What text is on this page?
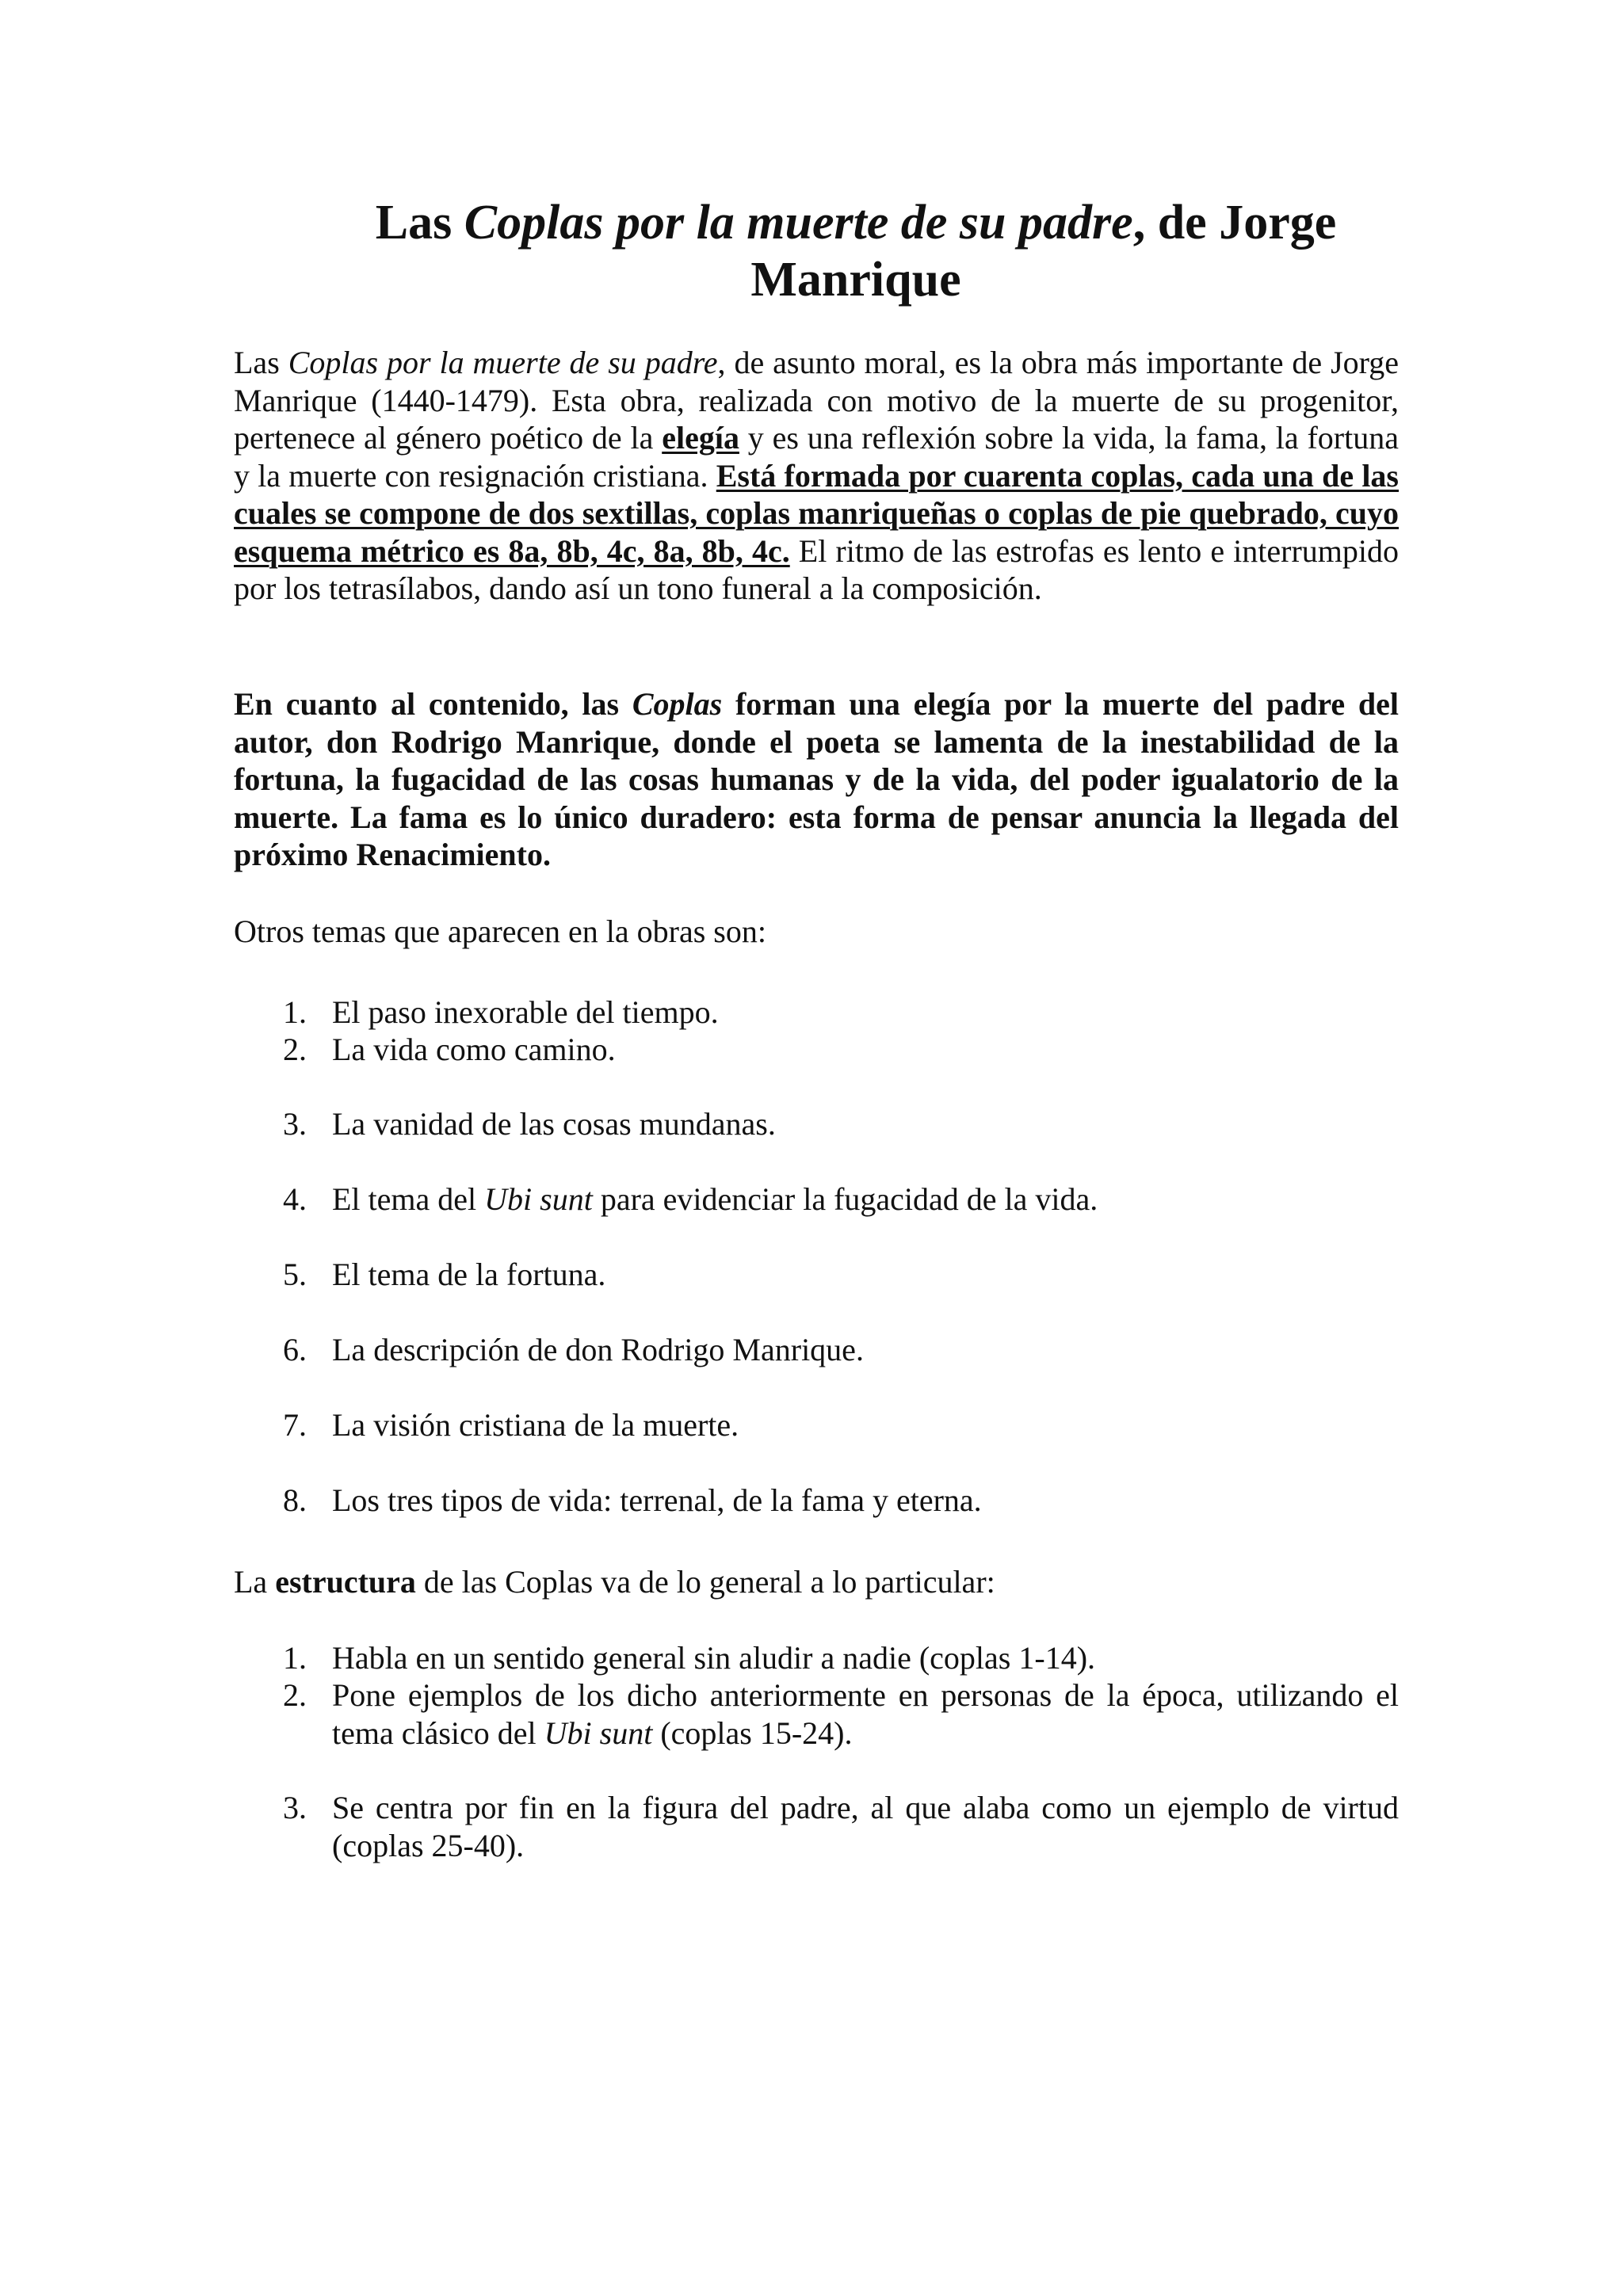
Las Coplas por la muerte de su padre, de Jorge Manrique

Las Coplas por la muerte de su padre, de asunto moral, es la obra más importante de Jorge Manrique (1440-1479). Esta obra, realizada con motivo de la muerte de su progenitor, pertenece al género poético de la elegía y es una reflexión sobre la vida, la fama, la fortuna y la muerte con resignación cristiana. Está formada por cuarenta coplas, cada una de las cuales se compone de dos sextillas, coplas manriqueñas o coplas de pie quebrado, cuyo esquema métrico es 8a, 8b, 4c, 8a, 8b, 4c. El ritmo de las estrofas es lento e interrumpido por los tetrasílabos, dando así un tono funeral a la composición.

En cuanto al contenido, las Coplas forman una elegía por la muerte del padre del autor, don Rodrigo Manrique, donde el poeta se lamenta de la inestabilidad de la fortuna, la fugacidad de las cosas humanas y de la vida, del poder igualatorio de la muerte. La fama es lo único duradero: esta forma de pensar anuncia la llegada del próximo Renacimiento.

Otros temas que aparecen en la obras son:

1. El paso inexorable del tiempo.
2. La vida como camino.
3. La vanidad de las cosas mundanas.
4. El tema del Ubi sunt para evidenciar la fugacidad de la vida.
5. El tema de la fortuna.
6. La descripción de don Rodrigo Manrique.
7. La visión cristiana de la muerte.
8. Los tres tipos de vida: terrenal, de la fama y eterna.

La estructura de las Coplas va de lo general a lo particular:

1. Habla en un sentido general sin aludir a nadie (coplas 1-14).
2. Pone ejemplos de los dicho anteriormente en personas de la época, utilizando el tema clásico del Ubi sunt (coplas 15-24).
3. Se centra por fin en la figura del padre, al que alaba como un ejemplo de virtud (coplas 25-40).
